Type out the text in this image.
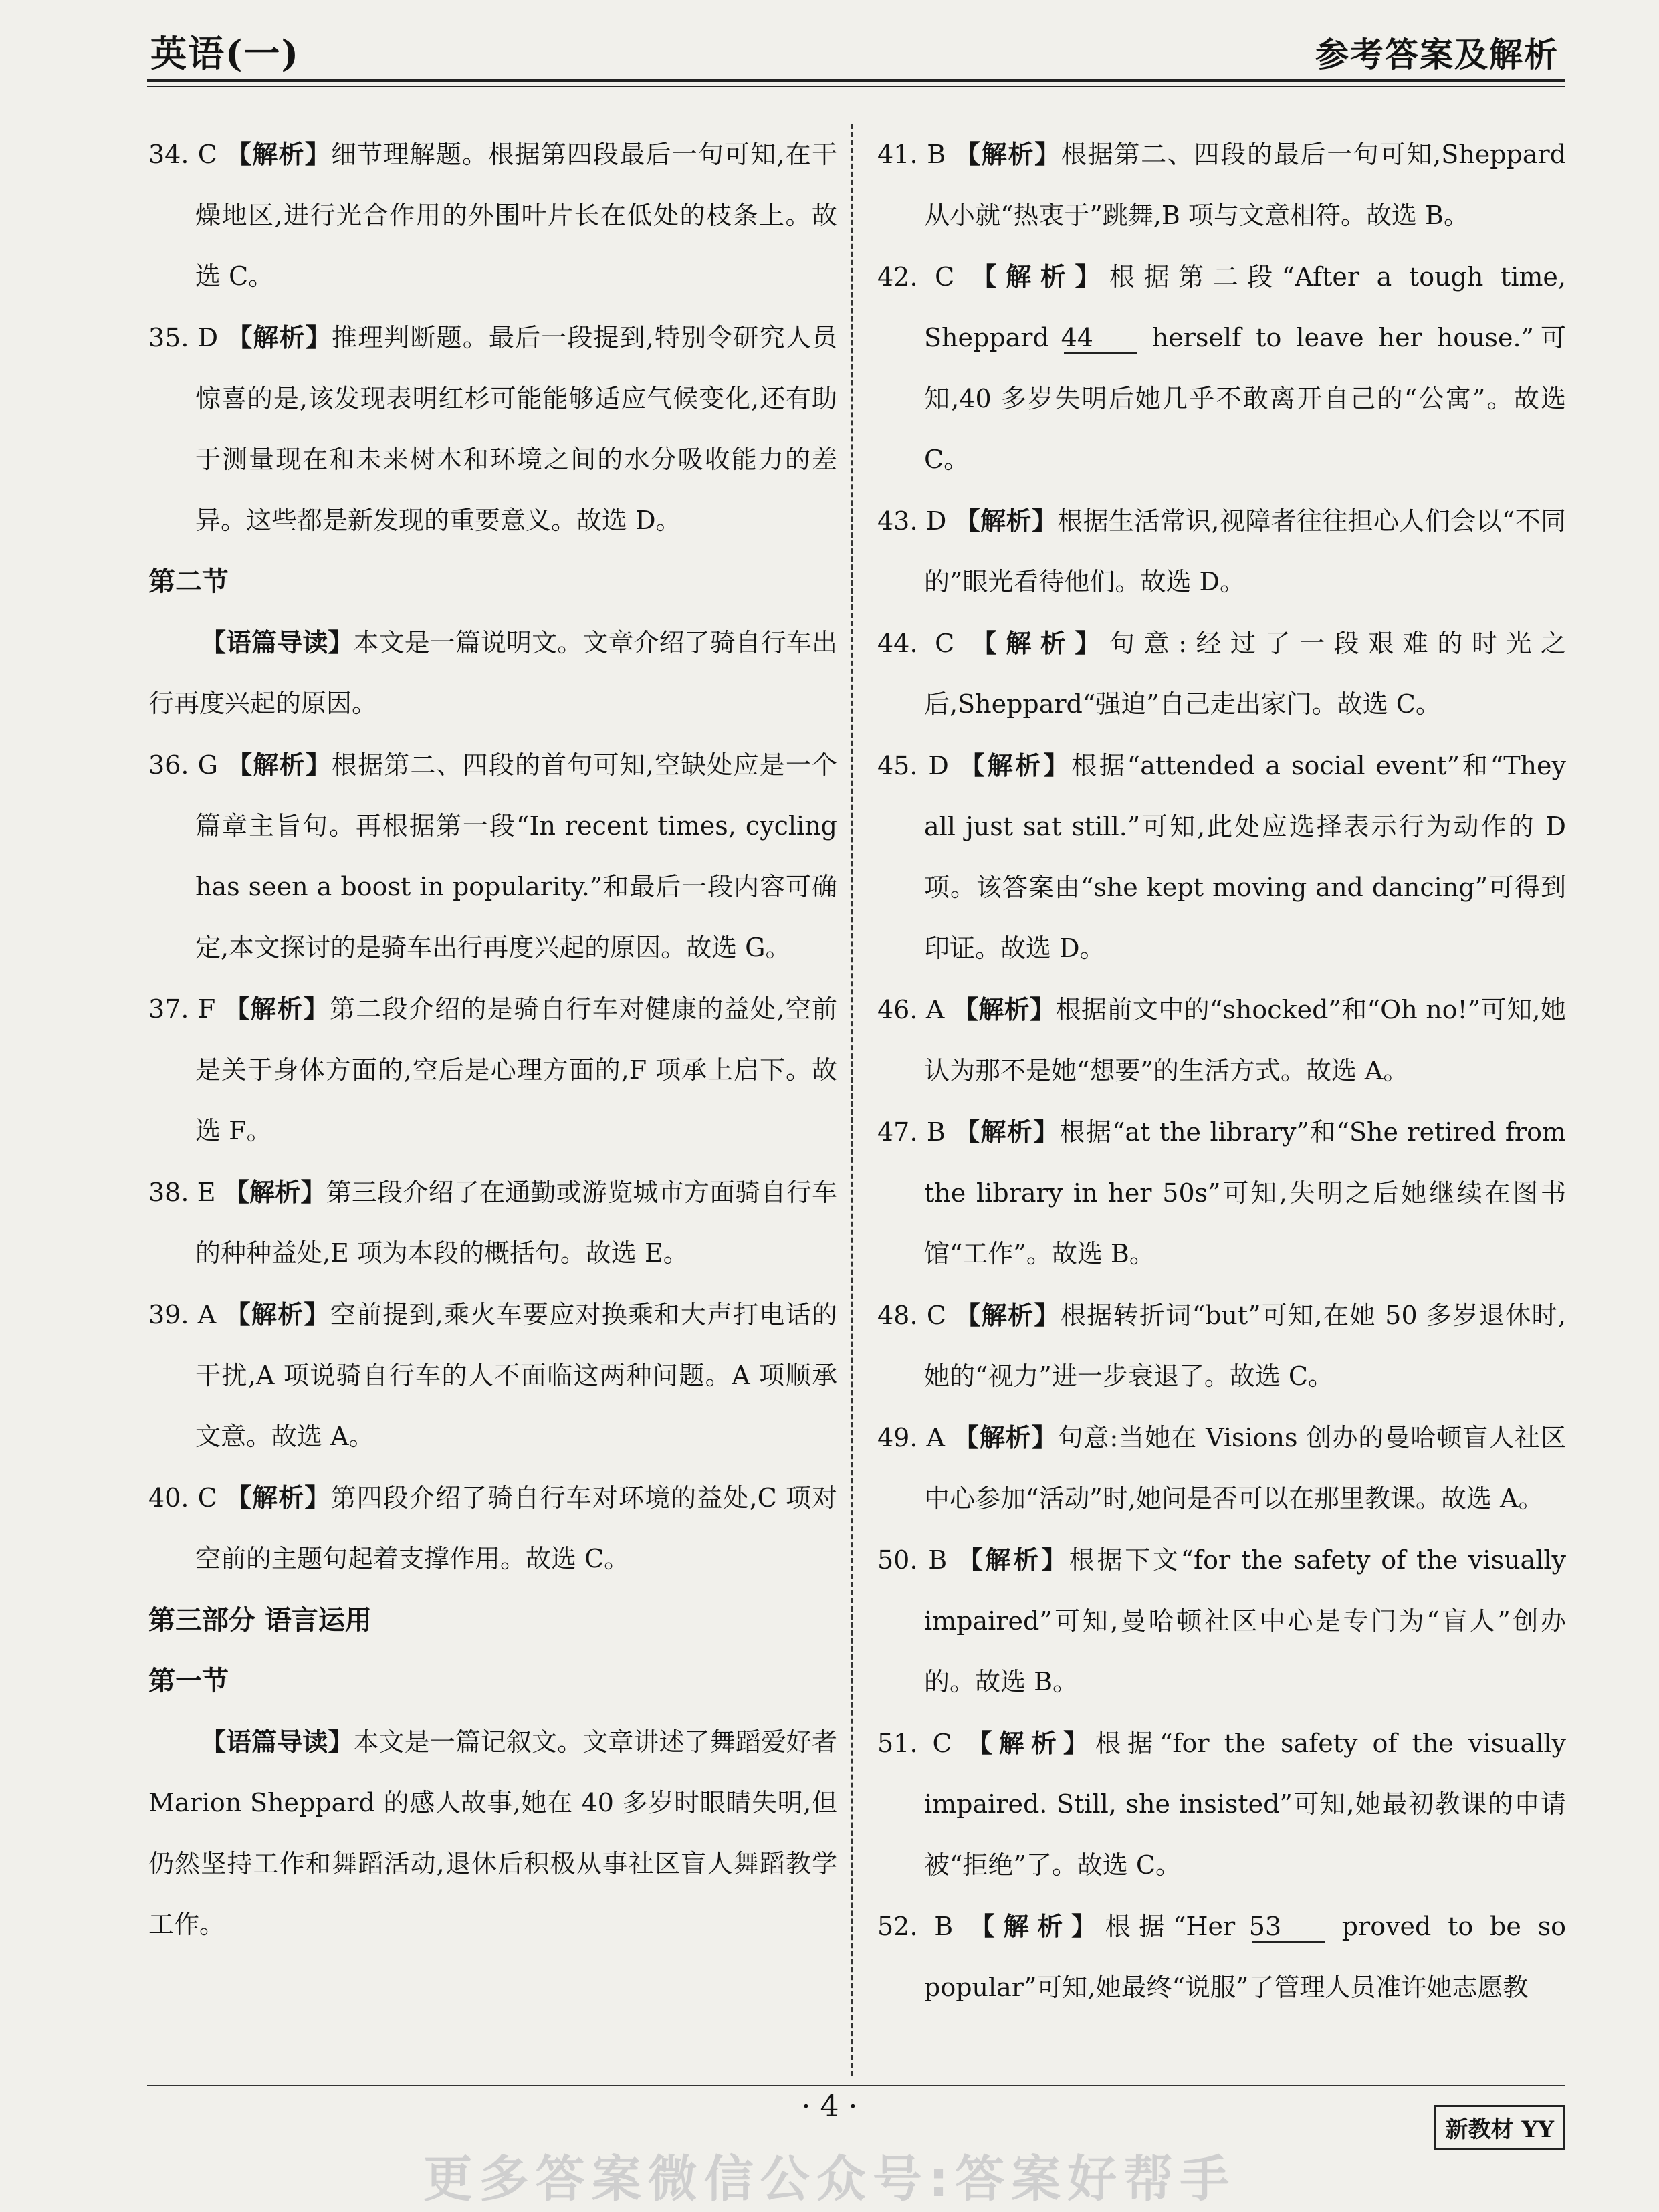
英语(一)	参考答案及解析
34. C 【解析】细节理解题。根据第四段最后一句可知,在干燥地区,进行光合作用的外围叶片长在低处的枝条上。故选 C。
35. D 【解析】推理判断题。最后一段提到,特别令研究人员惊喜的是,该发现表明红杉可能能够适应气候变化,还有助于测量现在和未来树木和环境之间的水分吸收能力的差异。这些都是新发现的重要意义。故选 D。
第二节
【语篇导读】本文是一篇说明文。文章介绍了骑自行车出行再度兴起的原因。
36. G 【解析】根据第二、四段的首句可知,空缺处应是一个篇章主旨句。再根据第一段“In recent times, cycling has seen a boost in popularity.”和最后一段内容可确定,本文探讨的是骑车出行再度兴起的原因。故选 G。
37. F 【解析】第二段介绍的是骑自行车对健康的益处,空前是关于身体方面的,空后是心理方面的,F 项承上启下。故选 F。
38. E 【解析】第三段介绍了在通勤或游览城市方面骑自行车的种种益处,E 项为本段的概括句。故选 E。
39. A 【解析】空前提到,乘火车要应对换乘和大声打电话的干扰,A 项说骑自行车的人不面临这两种问题。A 项顺承文意。故选 A。
40. C 【解析】第四段介绍了骑自行车对环境的益处,C 项对空前的主题句起着支撑作用。故选 C。
第三部分 语言运用
第一节
【语篇导读】本文是一篇记叙文。文章讲述了舞蹈爱好者 Marion Sheppard 的感人故事,她在 40 多岁时眼睛失明,但仍然坚持工作和舞蹈活动,退休后积极从事社区盲人舞蹈教学工作。
41. B 【解析】根据第二、四段的最后一句可知,Sheppard 从小就“热衷于”跳舞,B 项与文意相符。故选 B。
42. C 【解析】根据第二段“After a tough time, Sheppard 44 herself to leave her house.”可知,40 多岁失明后她几乎不敢离开自己的“公寓”。故选 C。
43. D 【解析】根据生活常识,视障者往往担心人们会以“不同的”眼光看待他们。故选 D。
44. C 【解析】句意:经过了一段艰难的时光之后,Sheppard“强迫”自己走出家门。故选 C。
45. D 【解析】根据“attended a social event”和“They all just sat still.”可知,此处应选择表示行为动作的 D 项。该答案由“she kept moving and dancing”可得到印证。故选 D。
46. A 【解析】根据前文中的“shocked”和“Oh no!”可知,她认为那不是她“想要”的生活方式。故选 A。
47. B 【解析】根据“at the library”和“She retired from the library in her 50s”可知,失明之后她继续在图书馆“工作”。故选 B。
48. C 【解析】根据转折词“but”可知,在她 50 多岁退休时,她的“视力”进一步衰退了。故选 C。
49. A 【解析】句意:当她在 Visions 创办的曼哈顿盲人社区中心参加“活动”时,她问是否可以在那里教课。故选 A。
50. B 【解析】根据下文“for the safety of the visually impaired”可知,曼哈顿社区中心是专门为“盲人”创办的。故选 B。
51. C 【解析】根据“for the safety of the visually impaired. Still, she insisted”可知,她最初教课的申请被“拒绝”了。故选 C。
52. B 【解析】根据“Her 53 proved to be so popular”可知,她最终“说服”了管理人员准许她志愿教
· 4 ·
新教材 YY
更多答案微信公众号:答案好帮手
